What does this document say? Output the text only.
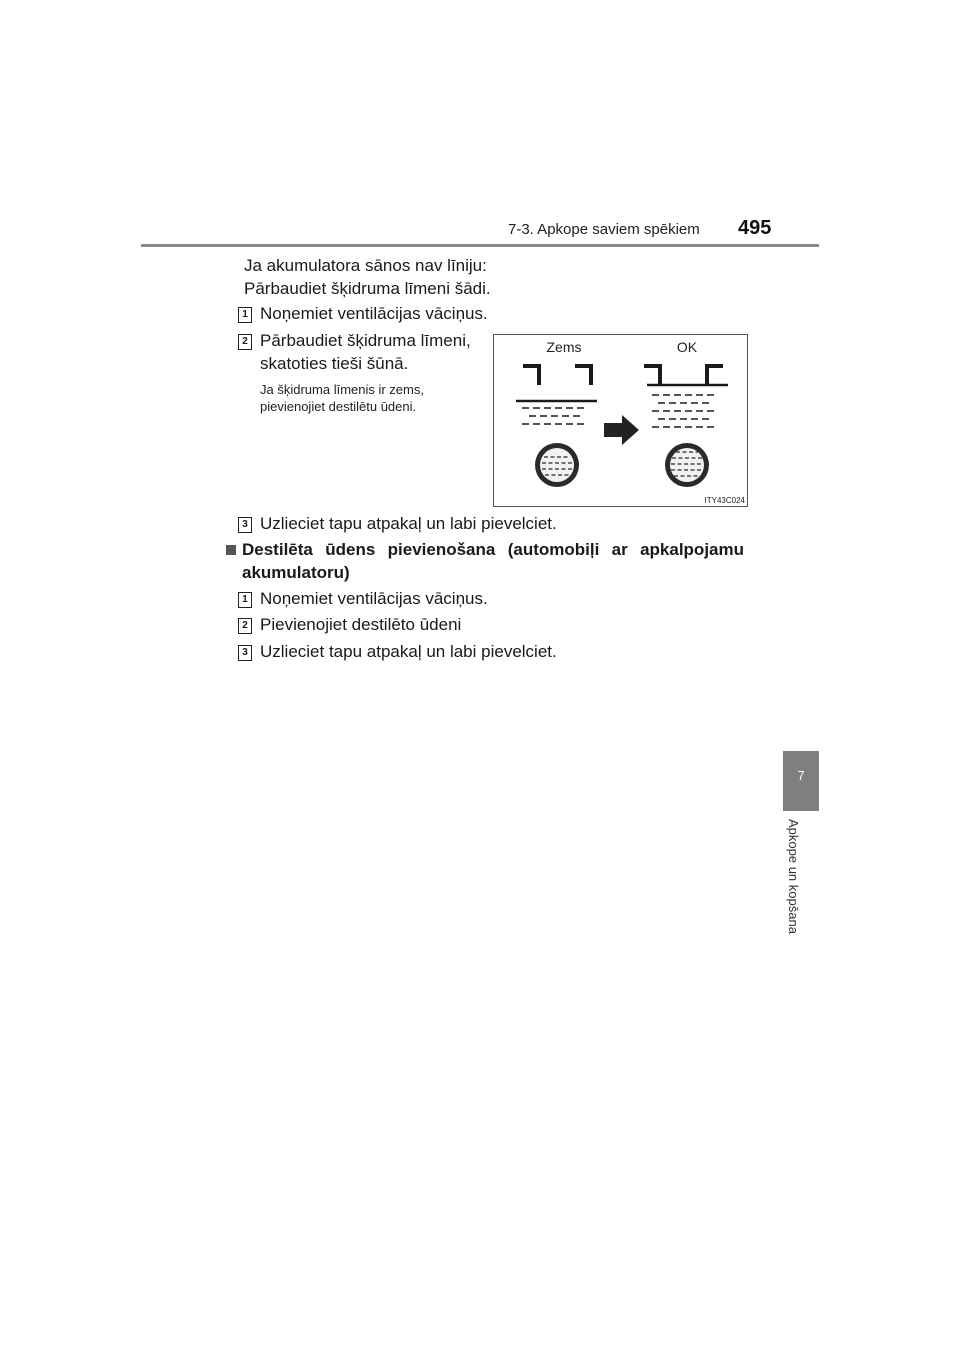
7-3. Apkope saviem spēkiem 495
7
Apkope un kopšana
Ja akumulatora sānos nav līniju:
Pārbaudiet šķidruma līmeni šādi.
1 Noņemiet ventilācijas vāciņus.
2 Pārbaudiet šķidruma līmeni,
skatoties tieši šūnā.
Ja šķidruma līmenis ir zems,
pievienojiet destilētu ūdeni.
Zems	OK
ITY43C024
3 Uzlieciet tapu atpakaļ un labi pievelciet.
Destilēta ūdens pievienošana (automobiļi ar apkalpojamu
akumulatoru)
1 Noņemiet ventilācijas vāciņus.
2 Pievienojiet destilēto ūdeni
3 Uzlieciet tapu atpakaļ un labi pievelciet.
